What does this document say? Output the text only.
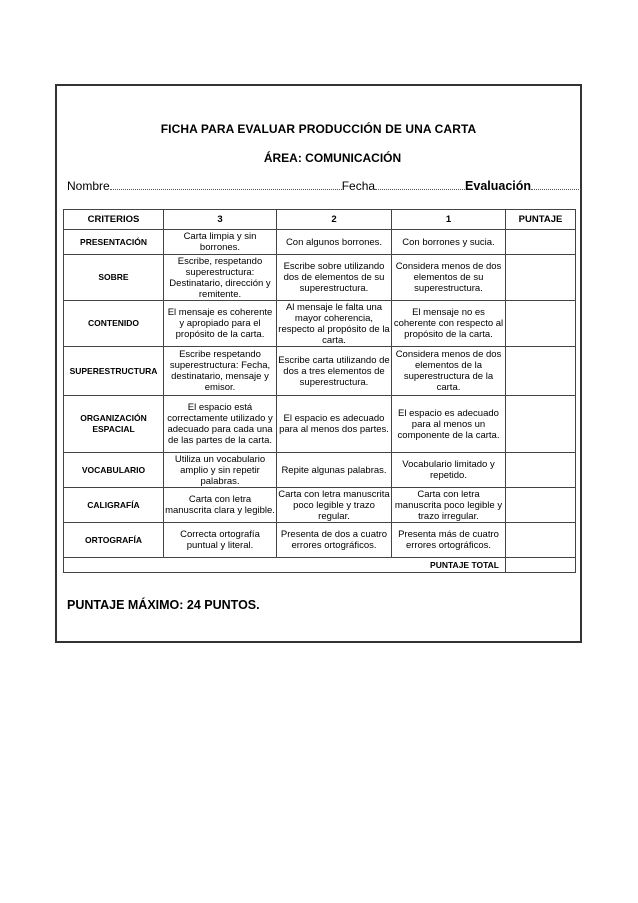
FICHA PARA EVALUAR PRODUCCIÓN DE UNA CARTA
ÁREA: COMUNICACIÓN
Nombre	Fecha	Evaluación
CRITERIOS	3	2	1	PUNTAJE
PRESENTACIÓN	Carta limpia y sin borrones.	Con algunos borrones.	Con borrones y sucia.	
SOBRE	Escribe, respetando superestructura: Destinatario, dirección y remitente.	Escribe sobre utilizando dos de elementos de su superestructura.	Considera menos de dos elementos de su superestructura.	
CONTENIDO	El mensaje es coherente y apropiado para el propósito de la carta.	Al mensaje le falta una mayor coherencia, respecto al propósito de la carta.	El mensaje no es coherente con respecto al propósito de la carta.	
SUPERESTRUCTURA	Escribe respetando superestructura: Fecha, destinatario, mensaje y emisor.	Escribe carta utilizando de dos a tres elementos de superestructura.	Considera menos de dos elementos de la superestructura de la carta.	
ORGANIZACIÓN ESPACIAL	El espacio está correctamente utilizado y adecuado para cada una de las partes de la carta.	El espacio es adecuado para al menos dos partes.	El espacio es adecuado para al menos un componente de la carta.	
VOCABULARIO	Utiliza un vocabulario amplio y sin repetir palabras.	Repite algunas palabras.	Vocabulario limitado y repetido.	
CALIGRAFÍA	Carta con letra manuscrita clara y legible.	Carta con letra manuscrita poco legible y trazo regular.	Carta con letra manuscrita poco legible y trazo irregular.	
ORTOGRAFÍA	Correcta ortografía puntual y literal.	Presenta de dos a cuatro errores ortográficos.	Presenta más de cuatro errores ortográficos.	
PUNTAJE TOTAL				
PUNTAJE MÁXIMO: 24 PUNTOS.
